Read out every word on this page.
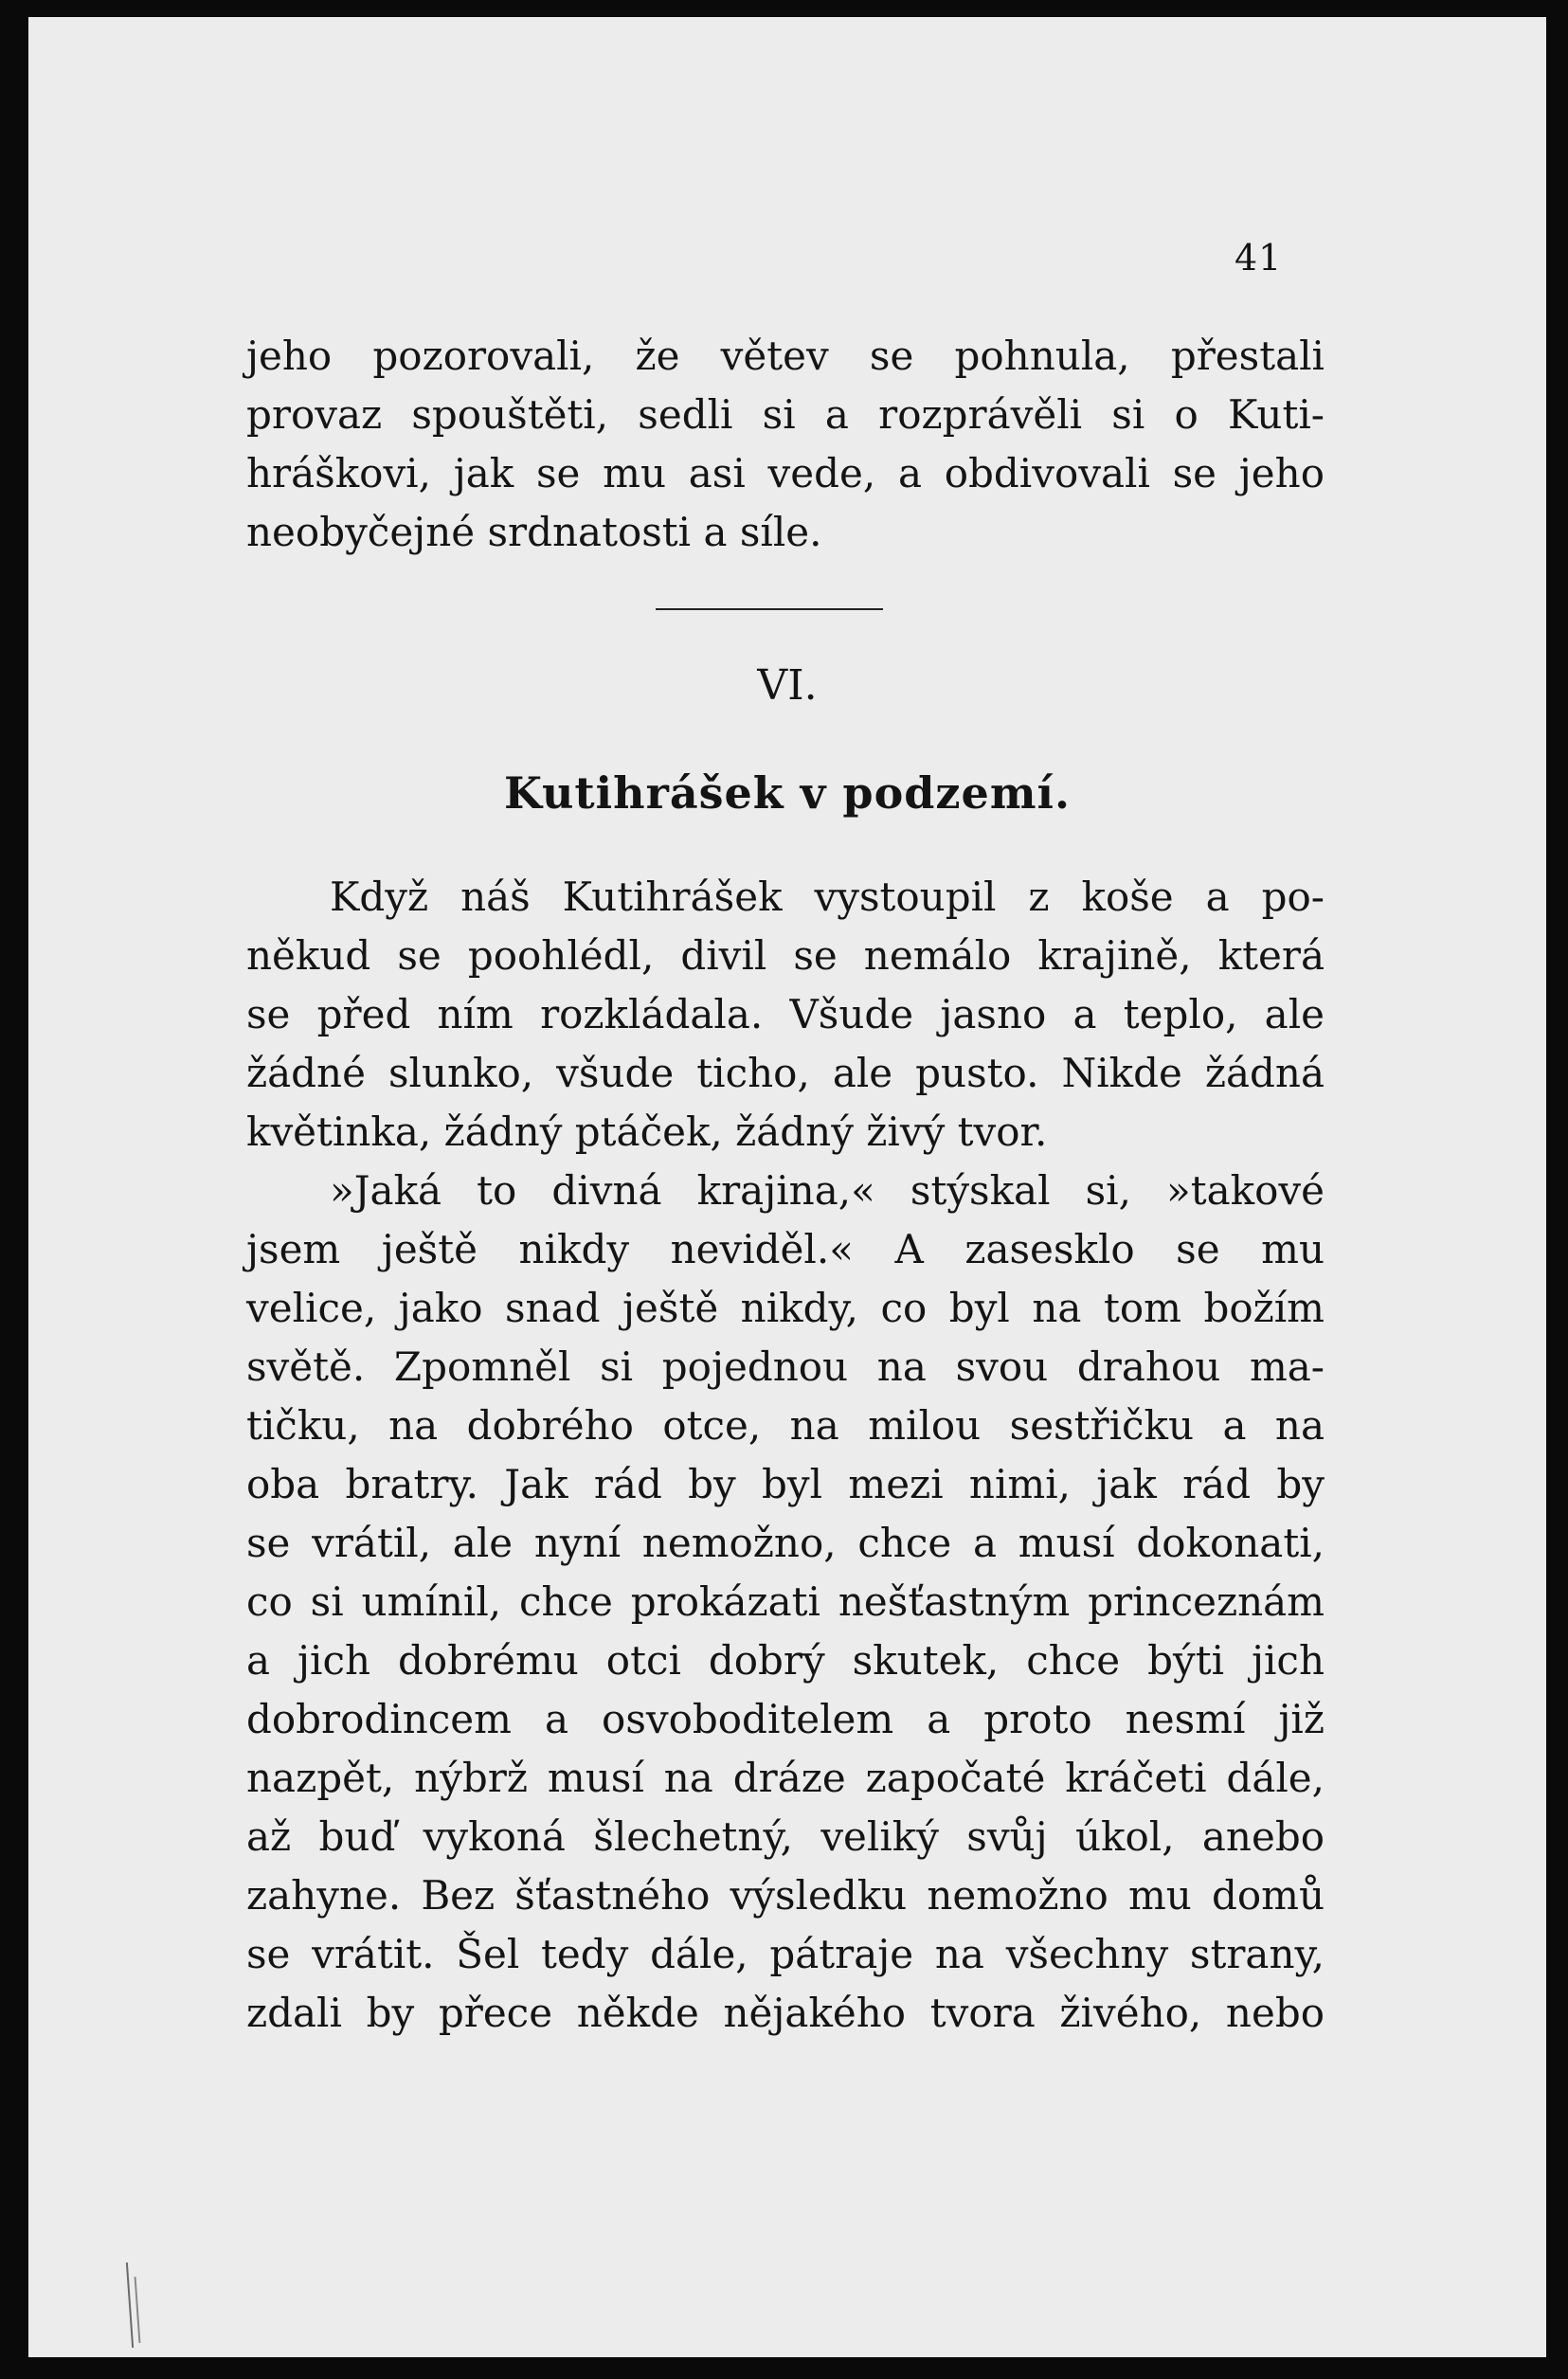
41
jeho pozorovali, že větev se pohnula, přestali
provaz spouštěti, sedli si a rozprávěli si o Kuti-
hráškovi, jak se mu asi vede, a obdivovali se jeho
neobyčejné srdnatosti a síle.
VI.
Kutihrášek v podzemí.
Když náš Kutihrášek vystoupil z koše a po-
někud se poohlédl, divil se nemálo krajině, která
se před ním rozkládala. Všude jasno a teplo, ale
žádné slunko, všude ticho, ale pusto. Nikde žádná
květinka, žádný ptáček, žádný živý tvor.
»Jaká to divná krajina,« stýskal si, »takové
jsem ještě nikdy neviděl.« A zasesklo se mu
velice, jako snad ještě nikdy, co byl na tom božím
světě. Zpomněl si pojednou na svou drahou ma-
tičku, na dobrého otce, na milou sestřičku a na
oba bratry. Jak rád by byl mezi nimi, jak rád by
se vrátil, ale nyní nemožno, chce a musí dokonati,
co si umínil, chce prokázati nešťastným princeznám
a jich dobrému otci dobrý skutek, chce býti jich
dobrodincem a osvoboditelem a proto nesmí již
nazpět, nýbrž musí na dráze započaté kráčeti dále,
až buď vykoná šlechetný, veliký svůj úkol, anebo
zahyne. Bez šťastného výsledku nemožno mu domů
se vrátit. Šel tedy dále, pátraje na všechny strany,
zdali by přece někde nějakého tvora živého, nebo
